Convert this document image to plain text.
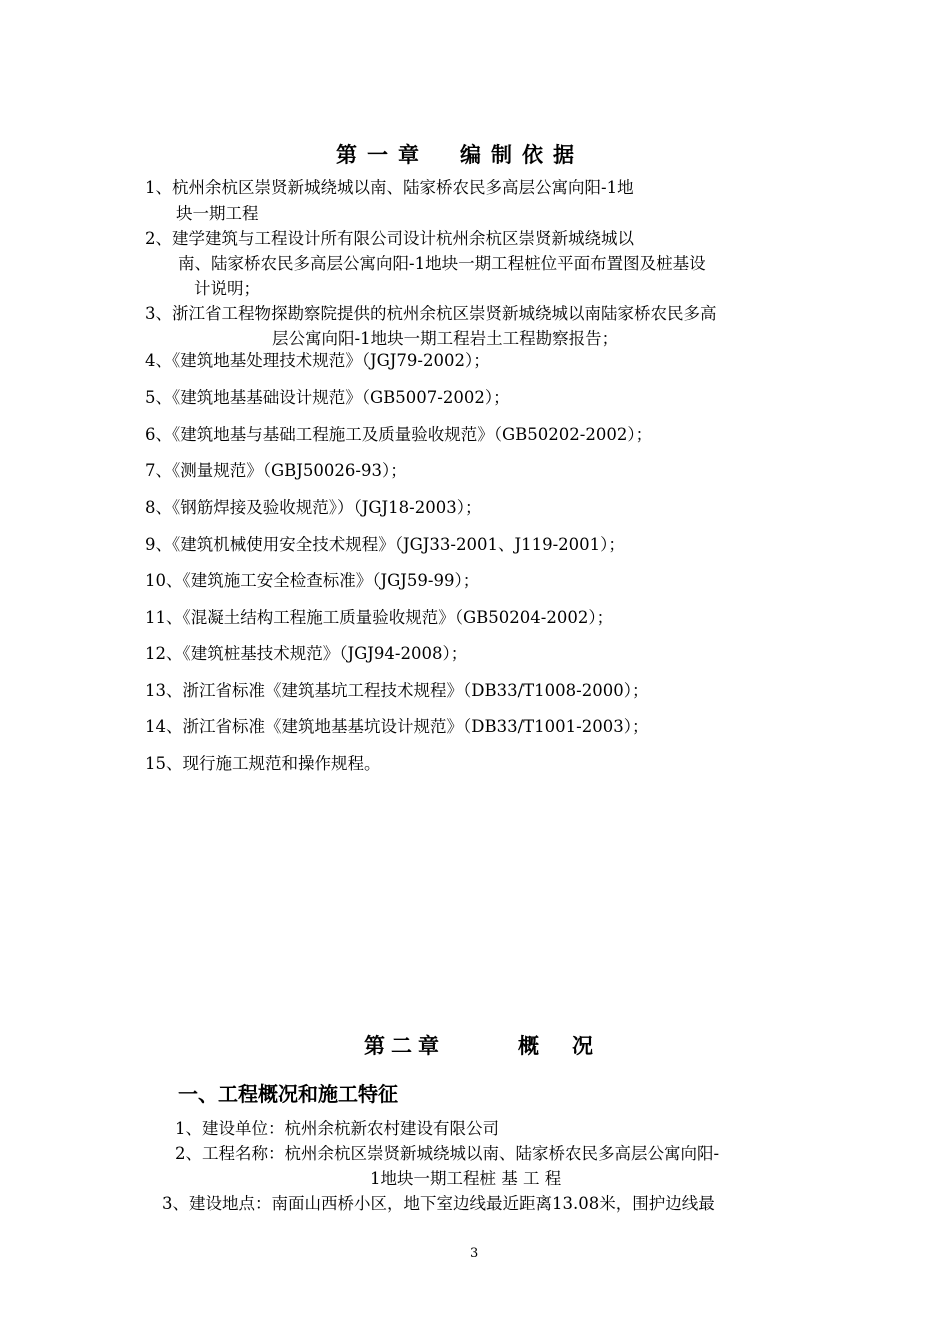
第一章　编制依据
1、杭州余杭区崇贤新城绕城以南、陆家桥农民多高层公寓向阳-1地
块一期工程
2、建学建筑与工程设计所有限公司设计杭州余杭区崇贤新城绕城以
南、陆家桥农民多高层公寓向阳-1地块一期工程桩位平面布置图及桩基设
计说明；
3、浙江省工程物探勘察院提供的杭州余杭区崇贤新城绕城以南陆家桥农民多高
层公寓向阳-1地块一期工程岩土工程勘察报告；
4、《建筑地基处理技术规范》（JGJ79-2002）；
5、《建筑地基基础设计规范》（GB5007-2002）；
6、《建筑地基与基础工程施工及质量验收规范》（GB50202-2002）；
7、《测量规范》（GBJ50026-93）；
8、《钢筋焊接及验收规范》）（JGJ18-2003）；
9、《建筑机械使用安全技术规程》（JGJ33-2001、J119-2001）；
10、《建筑施工安全检查标准》（JGJ59-99）；
11、《混凝土结构工程施工质量验收规范》（GB50204-2002）；
12、《建筑桩基技术规范》（JGJ94-2008）；
13、浙江省标准《建筑基坑工程技术规程》（DB33/T1008-2000）；
14、浙江省标准《建筑地基基坑设计规范》（DB33/T1001-2003）；
15、现行施工规范和操作规程。
第二章	概　况
一、工程概况和施工特征
1、建设单位：杭州余杭新农村建设有限公司
2、工程名称：杭州余杭区崇贤新城绕城以南、陆家桥农民多高层公寓向阳-
1地块一期工程桩 基 工 程
3、建设地点：南面山西桥小区，地下室边线最近距离13.08米，围护边线最
3
